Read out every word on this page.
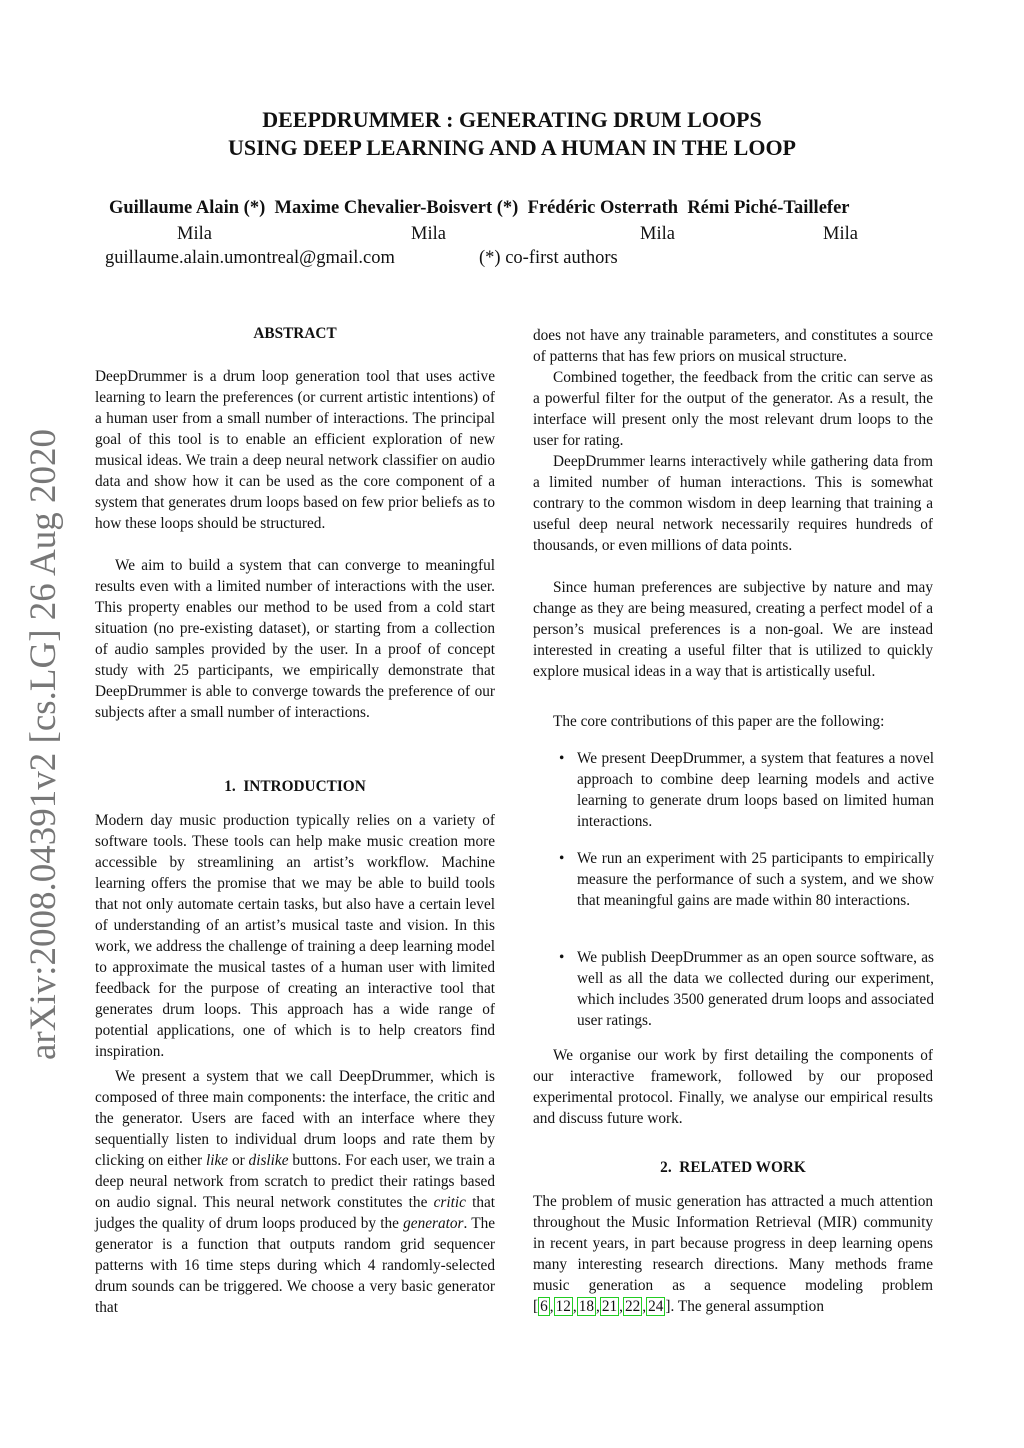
arXiv:2008.04391v2 [cs.LG] 26 Aug 2020
DEEPDRUMMER : GENERATING DRUM LOOPS
USING DEEP LEARNING AND A HUMAN IN THE LOOP
Guillaume Alain (*)  Maxime Chevalier-Boisvert (*)  Frédéric Osterrath  Rémi Piché-Taillefer
Mila	Mila	Mila	Mila
guillaume.alain.umontreal@gmail.com	(*) co-first authors
ABSTRACT

DeepDrummer is a drum loop generation tool that uses active learning to learn the preferences (or current artistic intentions) of a human user from a small number of interactions. The principal goal of this tool is to enable an efficient exploration of new musical ideas. We train a deep neural network classifier on audio data and show how it can be used as the core component of a system that generates drum loops based on few prior beliefs as to how these loops should be structured.

We aim to build a system that can converge to meaningful results even with a limited number of interactions with the user. This property enables our method to be used from a cold start situation (no pre-existing dataset), or starting from a collection of audio samples provided by the user. In a proof of concept study with 25 participants, we empirically demonstrate that DeepDrummer is able to converge towards the preference of our subjects after a small number of interactions.

1.  INTRODUCTION

Modern day music production typically relies on a variety of software tools. These tools can help make music creation more accessible by streamlining an artist’s workflow. Machine learning offers the promise that we may be able to build tools that not only automate certain tasks, but also have a certain level of understanding of an artist’s musical taste and vision. In this work, we address the challenge of training a deep learning model to approximate the musical tastes of a human user with limited feedback for the purpose of creating an interactive tool that generates drum loops. This approach has a wide range of potential applications, one of which is to help creators find inspiration.

We present a system that we call DeepDrummer, which is composed of three main components: the interface, the critic and the generator. Users are faced with an interface where they sequentially listen to individual drum loops and rate them by clicking on either like or dislike buttons. For each user, we train a deep neural network from scratch to predict their ratings based on audio signal. This neural network constitutes the critic that judges the quality of drum loops produced by the generator. The generator is a function that outputs random grid sequencer patterns with 16 time steps during which 4 randomly-selected drum sounds can be triggered. We choose a very basic generator that

does not have any trainable parameters, and constitutes a source of patterns that has few priors on musical structure.

Combined together, the feedback from the critic can serve as a powerful filter for the output of the generator. As a result, the interface will present only the most relevant drum loops to the user for rating.

DeepDrummer learns interactively while gathering data from a limited number of human interactions. This is somewhat contrary to the common wisdom in deep learning that training a useful deep neural network necessarily requires hundreds of thousands, or even millions of data points.

Since human preferences are subjective by nature and may change as they are being measured, creating a perfect model of a person’s musical preferences is a non-goal. We are instead interested in creating a useful filter that is utilized to quickly explore musical ideas in a way that is artistically useful.

The core contributions of this paper are the following:

• We present DeepDrummer, a system that features a novel approach to combine deep learning models and active learning to generate drum loops based on limited human interactions.
• We run an experiment with 25 participants to empirically measure the performance of such a system, and we show that meaningful gains are made within 80 interactions.
• We publish DeepDrummer as an open source software, as well as all the data we collected during our experiment, which includes 3500 generated drum loops and associated user ratings.

We organise our work by first detailing the components of our interactive framework, followed by our proposed experimental protocol. Finally, we analyse our empirical results and discuss future work.

2.  RELATED WORK

The problem of music generation has attracted a much attention throughout the Music Information Retrieval (MIR) community in recent years, in part because progress in deep learning opens many interesting research directions. Many methods frame music generation as a sequence modeling problem [ 6 , 12 , 18 , 21 , 22 , 24 ]. The general assumption
